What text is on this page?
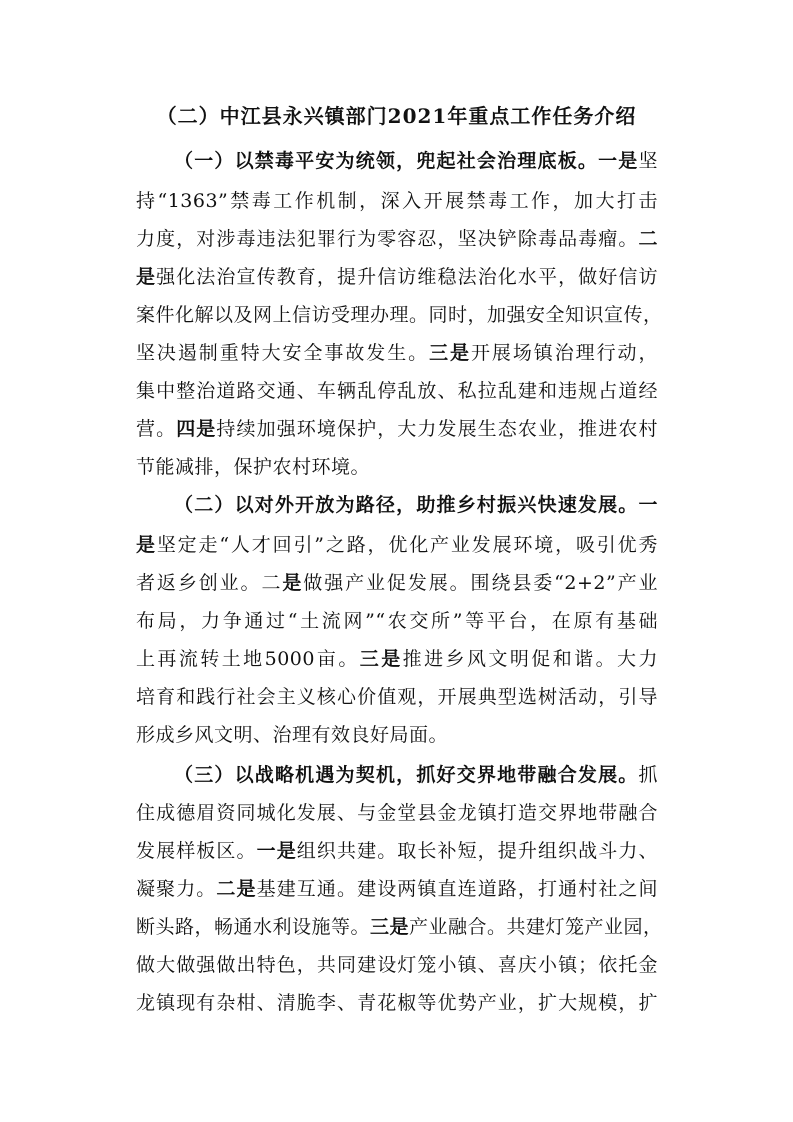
（二）中江县永兴镇部门2021年重点工作任务介绍
（一）以禁毒平安为统领，兜起社会治理底板。一是坚
持“1363”禁毒工作机制，深入开展禁毒工作，加大打击
力度，对涉毒违法犯罪行为零容忍，坚决铲除毒品毒瘤。二
是强化法治宣传教育，提升信访维稳法治化水平，做好信访
案件化解以及网上信访受理办理。同时，加强安全知识宣传，
坚决遏制重特大安全事故发生。三是开展场镇治理行动，
集中整治道路交通、车辆乱停乱放、私拉乱建和违规占道经
营。四是持续加强环境保护，大力发展生态农业，推进农村
节能减排，保护农村环境。
（二）以对外开放为路径，助推乡村振兴快速发展。一
是坚定走“人才回引”之路，优化产业发展环境，吸引优秀
者返乡创业。二是做强产业促发展。围绕县委“2+2”产业
布局，力争通过“土流网”“农交所”等平台，在原有基础
上再流转土地5000亩。三是推进乡风文明促和谐。大力
培育和践行社会主义核心价值观，开展典型选树活动，引导
形成乡风文明、治理有效良好局面。
（三）以战略机遇为契机，抓好交界地带融合发展。抓
住成德眉资同城化发展、与金堂县金龙镇打造交界地带融合
发展样板区。一是组织共建。取长补短，提升组织战斗力、
凝聚力。二是基建互通。建设两镇直连道路，打通村社之间
断头路，畅通水利设施等。三是产业融合。共建灯笼产业园，
做大做强做出特色，共同建设灯笼小镇、喜庆小镇；依托金
龙镇现有杂柑、清脆李、青花椒等优势产业，扩大规模，扩
